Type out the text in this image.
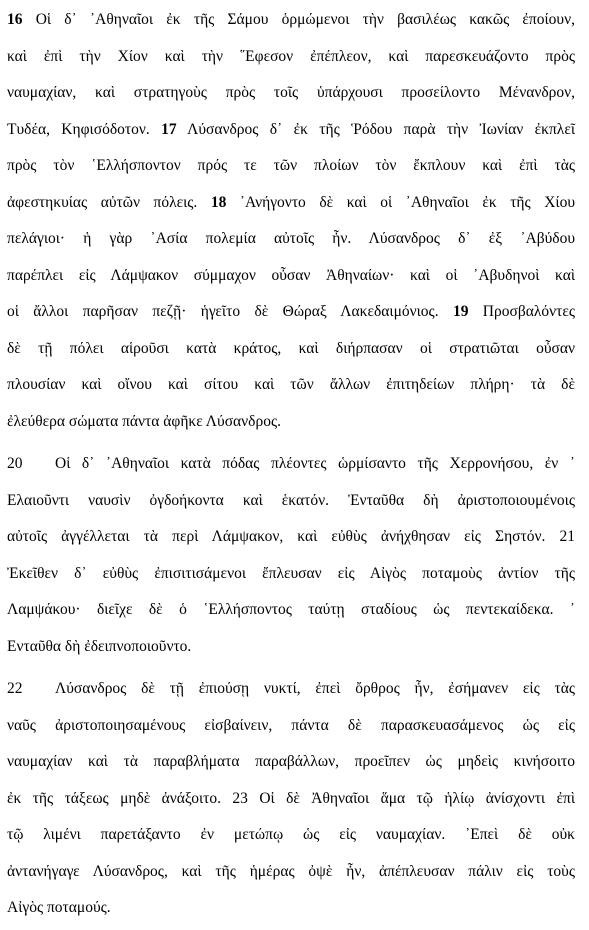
16 Οἱ δ᾿ ᾿Αθηναῖοι ἐκ τῆς Σάμου ὁρμώμενοι τὴν βασιλέως κακῶς ἐποίουν,
καὶ ἐπὶ τὴν Χίον καὶ τὴν ῞Εφεσον ἐπέπλεον, καὶ παρεσκευάζοντο πρὸς
ναυμαχίαν, καὶ στρατηγοὺς πρὸς τοῖς ὑπάρχουσι προσείλοντο Μένανδρον,
Τυδέα, Κηφισόδοτον. 17 Λύσανδρος δ᾿ ἐκ τῆς Ῥόδου παρὰ τὴν Ἰωνίαν ἐκπλεῖ
πρὸς τὸν ῾Ελλήσποντον πρός τε τῶν πλοίων τὸν ἔκπλουν καὶ ἐπὶ τὰς
ἀφεστηκυίας αὐτῶν πόλεις. 18 ᾿Ανήγοντο δὲ καὶ οἱ ᾿Αθηναῖοι ἐκ τῆς Χίου
πελάγιοι· ἡ γὰρ ᾿Ασία πολεμία αὐτοῖς ἦν. Λύσανδρος δ᾿ ἐξ ᾿Αβύδου
παρέπλει εἰς Λάμψακον σύμμαχον οὖσαν Ἀθηναίων· καὶ οἱ ᾿Αβυδηνοὶ καὶ
οἱ ἄλλοι παρῆσαν πεζῇ· ἡγεῖτο δὲ Θώραξ Λακεδαιμόνιος. 19 Προσβαλόντες
δὲ τῇ πόλει αἱροῦσι κατὰ κράτος, καὶ διήρπασαν οἱ στρατιῶται οὖσαν
πλουσίαν καὶ οἴνου καὶ σίτου καὶ τῶν ἄλλων ἐπιτηδείων πλήρη· τὰ δὲ
ἐλεύθερα σώματα πάντα ἀφῆκε Λύσανδρος.
20 Οἱ δ᾿ ᾿Αθηναῖοι κατὰ πόδας πλέοντες ὡρμίσαντο τῆς Χερρονήσου, ἐν ᾿
Ελαιοῦντι ναυσὶν ὀγδοήκοντα καὶ ἑκατόν. Ἐνταῦθα δὴ ἀριστοποιουμένοις
αὐτοῖς ἀγγέλλεται τὰ περὶ Λάμψακον, καὶ εὐθὺς ἀνήχθησαν εἰς Σηστόν. 21
Ἐκεῖθεν δ᾿ εὐθὺς ἐπισιτισάμενοι ἔπλευσαν εἰς Αἰγὸς ποταμοὺς ἀντίον τῆς
Λαμψάκου· διεῖχε δὲ ὁ ῾Ελλήσποντος ταύτῃ σταδίους ὡς πεντεκαίδεκα. ᾿
Ενταῦθα δὴ ἐδειπνοποιοῦντο.
22 Λύσανδρος δὲ τῇ ἐπιούσῃ νυκτί, ἐπεὶ ὄρθρος ἦν, ἐσήμανεν εἰς τὰς
ναῦς ἀριστοποιησαμένους εἰσβαίνειν, πάντα δὲ παρασκευασάμενος ὡς εἰς
ναυμαχίαν καὶ τὰ παραβλήματα παραβάλλων, προεῖπεν ὡς μηδεὶς κινήσοιτο
ἐκ τῆς τάξεως μηδὲ ἀνάξοιτο. 23 Οἱ δὲ Ἀθηναῖοι ἅμα τῷ ἡλίῳ ἀνίσχοντι ἐπὶ
τῷ λιμένι παρετάξαντο ἐν μετώπῳ ὡς εἰς ναυμαχίαν. ᾿Επεὶ δὲ οὐκ
ἀντανήγαγε Λύσανδρος, καὶ τῆς ἡμέρας ὀψὲ ἦν, ἀπέπλευσαν πάλιν εἰς τοὺς
Αἰγὸς ποταμούς.
